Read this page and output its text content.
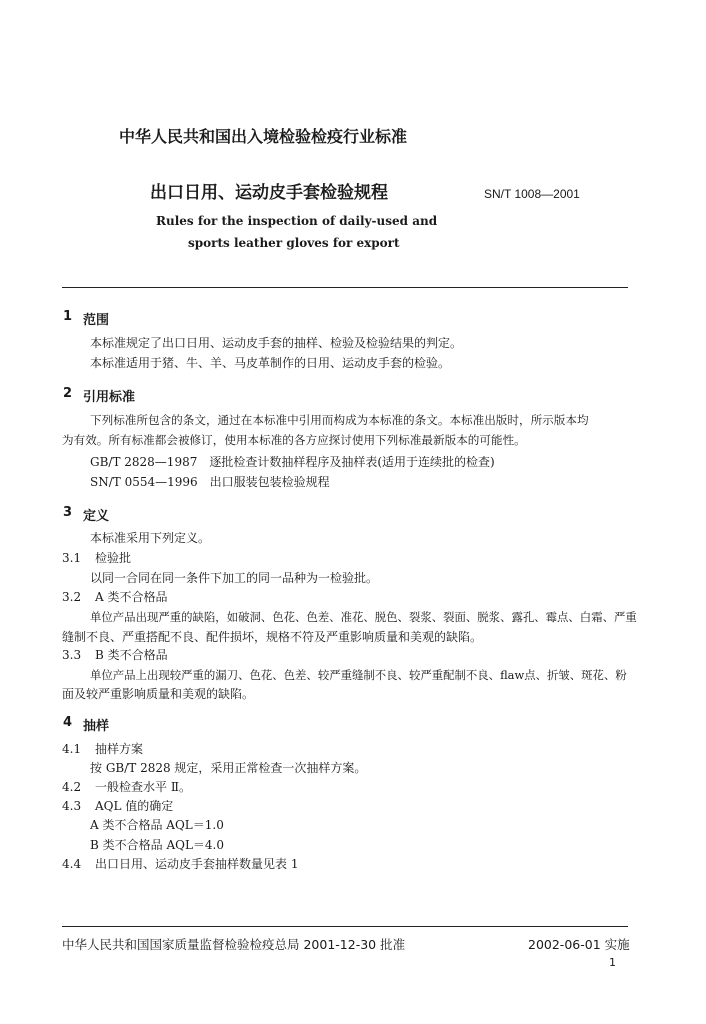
中华人民共和国出入境检验检疫行业标准
出口日用、运动皮手套检验规程	SN/T 1008—2001
Rules for the inspection of daily-used and
sports leather gloves for export
1 范围
本标准规定了出口日用、运动皮手套的抽样、检验及检验结果的判定。
本标准适用于猪、牛、羊、马皮革制作的日用、运动皮手套的检验。
2 引用标准
下列标准所包含的条文，通过在本标准中引用而构成为本标准的条文。本标准出版时，所示版本均
为有效。所有标准都会被修订，使用本标准的各方应探讨使用下列标准最新版本的可能性。
GB/T 2828—1987　逐批检查计数抽样程序及抽样表(适用于连续批的检查)
SN/T 0554—1996　出口服装包装检验规程
3 定义
本标准采用下列定义。
3.1 检验批
以同一合同在同一条件下加工的同一品种为一检验批。
3.2 A 类不合格品
单位产品出现严重的缺陷，如破洞、色花、色差、准花、脱色、裂浆、裂面、脱浆、露孔、霉点、白霜、严重
缝制不良、严重搭配不良、配件损坏，规格不符及严重影响质量和美观的缺陷。
3.3 B 类不合格品
单位产品上出现较严重的漏刀、色花、色差、较严重缝制不良、较严重配制不良、flaw点、折皱、斑花、粉
面及较严重影响质量和美观的缺陷。
4 抽样
4.1 抽样方案
按 GB/T 2828 规定，采用正常检查一次抽样方案。
4.2 一般检查水平 Ⅱ。
4.3 AQL 值的确定
A 类不合格品 AQL＝1.0
B 类不合格品 AQL＝4.0
4.4 出口日用、运动皮手套抽样数量见表 1
中华人民共和国国家质量监督检验检疫总局 2001-12-30 批准	2002-06-01 实施
1
